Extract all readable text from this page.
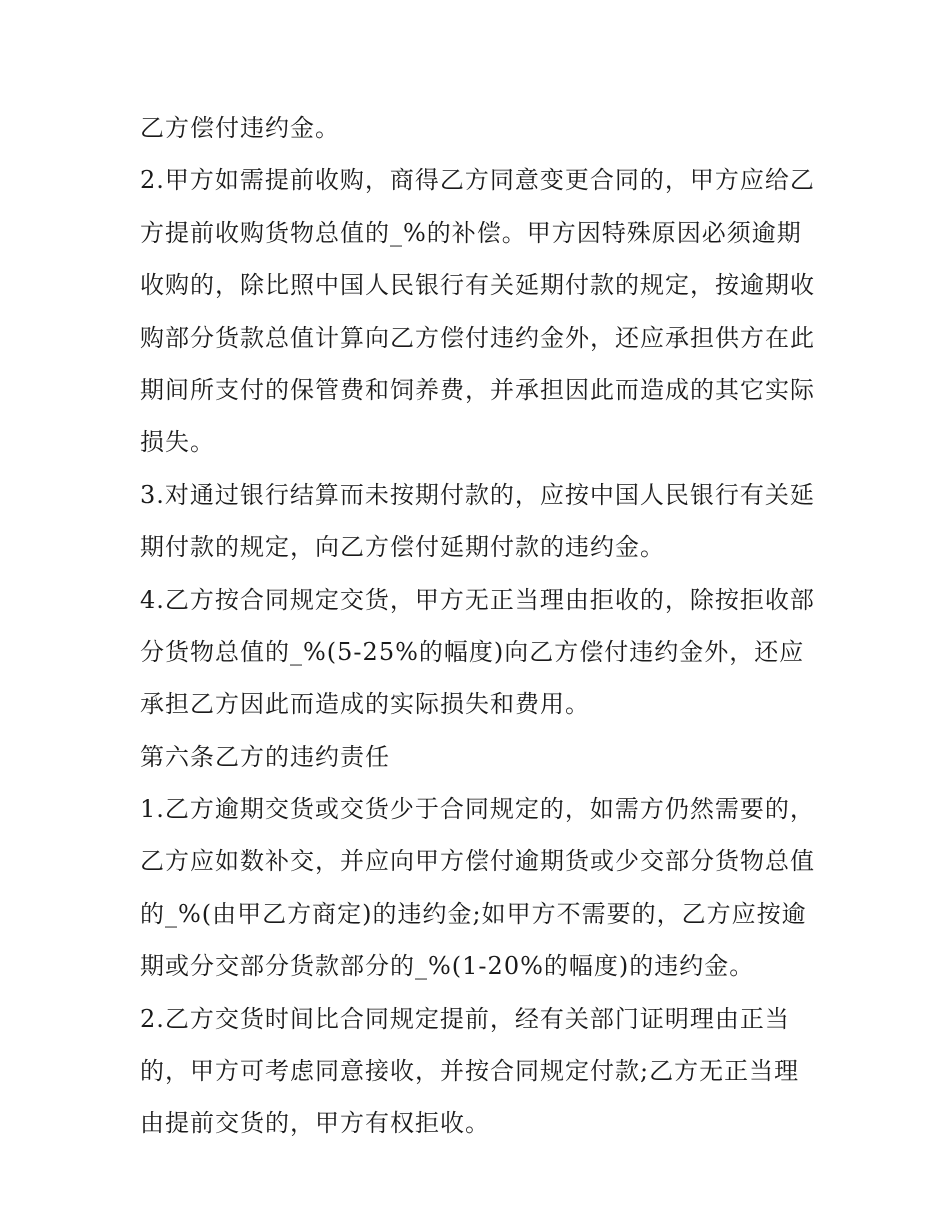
乙方偿付违约金。
2.甲方如需提前收购，商得乙方同意变更合同的，甲方应给乙
方提前收购货物总值的_%的补偿。甲方因特殊原因必须逾期
收购的，除比照中国人民银行有关延期付款的规定，按逾期收
购部分货款总值计算向乙方偿付违约金外，还应承担供方在此
期间所支付的保管费和饲养费，并承担因此而造成的其它实际
损失。
3.对通过银行结算而未按期付款的，应按中国人民银行有关延
期付款的规定，向乙方偿付延期付款的违约金。
4.乙方按合同规定交货，甲方无正当理由拒收的，除按拒收部
分货物总值的_%(5-25%的幅度)向乙方偿付违约金外，还应
承担乙方因此而造成的实际损失和费用。
第六条乙方的违约责任
1.乙方逾期交货或交货少于合同规定的，如需方仍然需要的，
乙方应如数补交，并应向甲方偿付逾期货或少交部分货物总值
的_%(由甲乙方商定)的违约金;如甲方不需要的，乙方应按逾
期或分交部分货款部分的_%(1-20%的幅度)的违约金。
2.乙方交货时间比合同规定提前，经有关部门证明理由正当
的，甲方可考虑同意接收，并按合同规定付款;乙方无正当理
由提前交货的，甲方有权拒收。
